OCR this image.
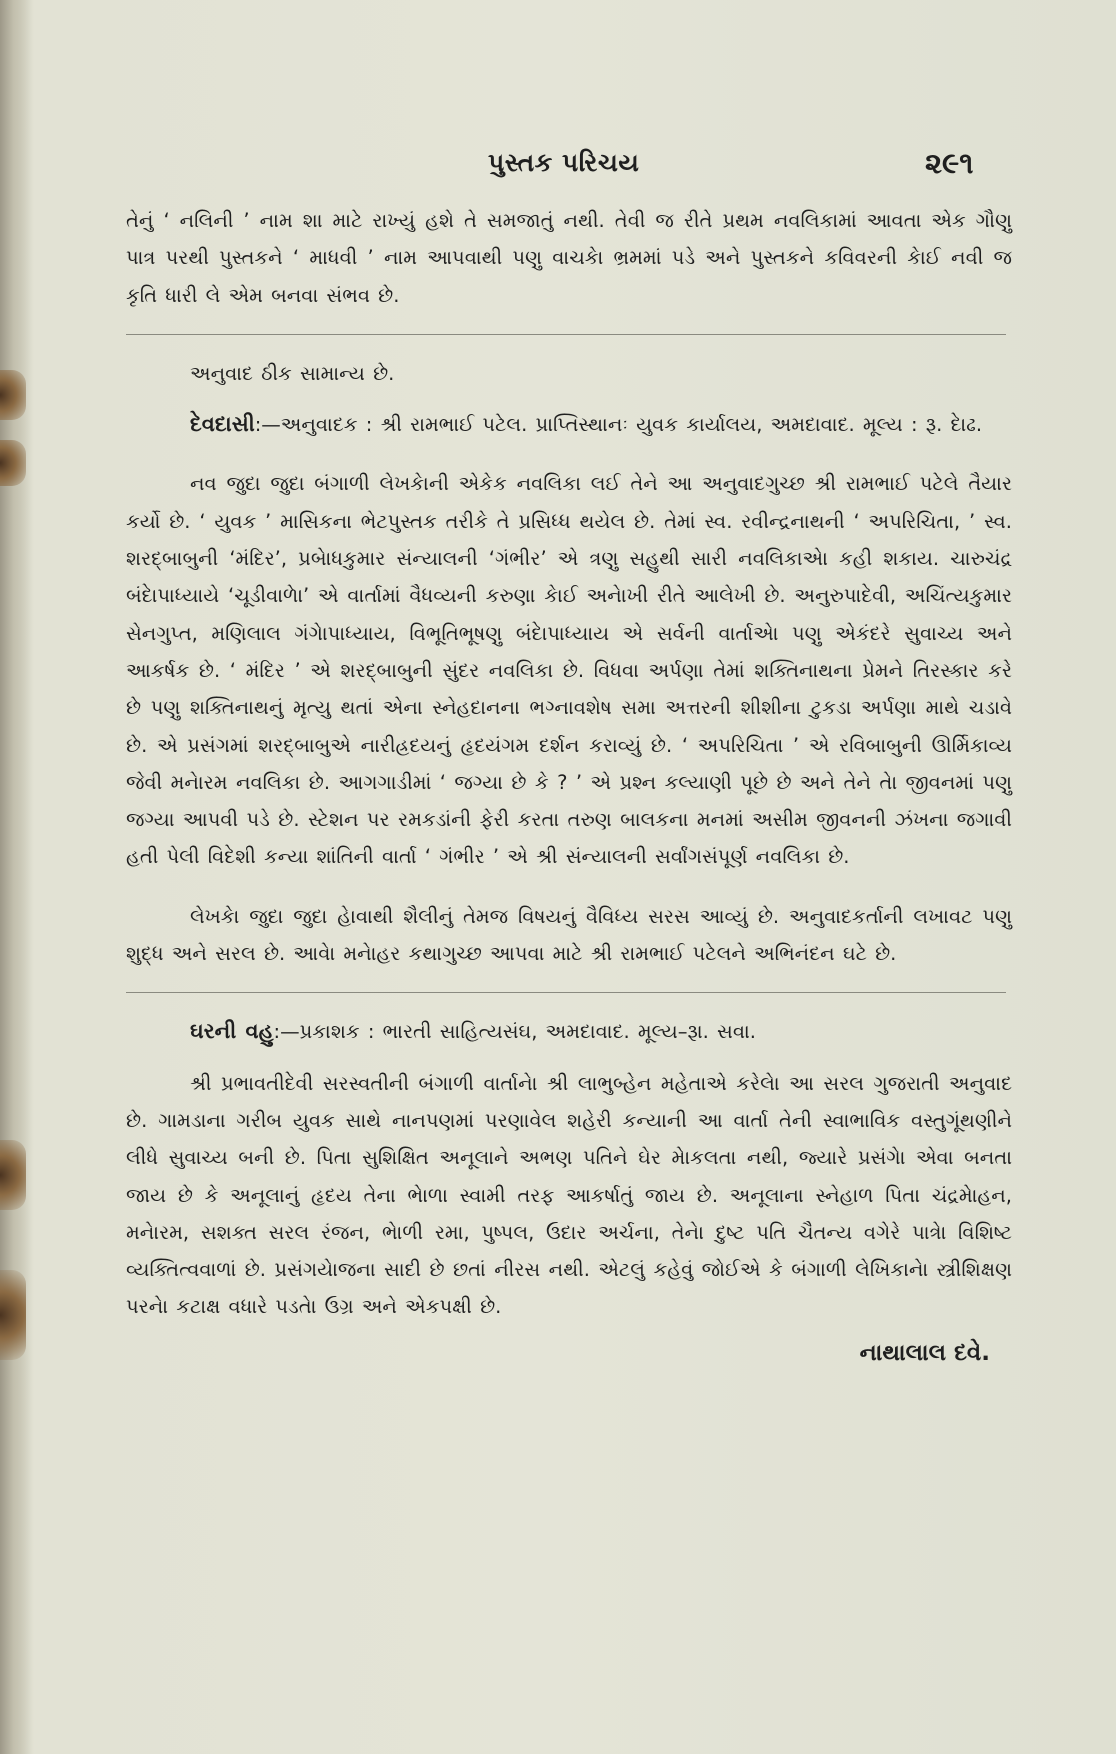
પુસ્તક પરિચય	૨૯૧

તેનું ‘ નલિની ’ નામ શા માટે રાખ્યું હશે તે સમજાતું નથી. તેવી જ રીતે પ્રથમ નવલિકામાં આવતા એક ગૌણુ પાત્ર પરથી પુસ્તકને ‘ માધવી ’ નામ આપવાથી પણુ વાચકેા ભ્રમમાં પડે અને પુસ્તકને કવિવરની કેાઈ નવી જ કૃતિ ધારી લે એમ બનવા સંભવ છે.

અનુવાદ ઠીક સામાન્ય છે.

દેવદાસી:—અનુવાદક : શ્રી રામભાઈ પટેલ. પ્રાપ્તિસ્થાનઃ યુવક કાર્યાલય, અમદાવાદ. મૂલ્ય : રૂ. દેાઢ.

નવ જુદા જુદા બંગાળી લેખકેાની એકેક નવલિકા લઈ તેને આ અનુવાદગુચ્છ શ્રી રામભાઈ પટેલે તૈયાર કર્યો છે. ‘ યુવક ’ માસિકના ભેટપુસ્તક તરીકે તે પ્રસિધ્ધ થયેલ છે. તેમાં સ્વ. રવીન્દ્રનાથની ‘ અપરિચિતા, ’ સ્વ. શરદ્બાબુની ‘મંદિર’, પ્રબેાધકુમાર સંન્યાલની ‘ગંભીર’ એ ત્રણુ સહુથી સારી નવલિકાએા કહી શકાય. ચારુચંદ્ર બંદેાપાધ્યાયે ‘ચૂડીવાળેા’ એ વાર્તામાં વૈધવ્યની કરુણા કેાઈ અનેાખી રીતે આલેખી છે. અનુરુપાદેવી, અચિંત્યકુમાર સેનગુપ્ત, મણિલાલ ગંગેાપાધ્યાય, વિભૂતિભૂષણુ બંદેાપાધ્યાય એ સર્વની વાર્તાએા પણુ એકંદરે સુવાચ્ય અને આકર્ષક છે. ‘ મંદિર ’ એ શરદ્બાબુની સુંદર નવલિકા છે. વિધવા અર્પણા તેમાં શક્તિનાથના પ્રેમને તિરસ્કાર કરે છે પણુ શક્તિનાથનું મૃત્યુ થતાં એના સ્નેહદાનના ભગ્નાવશેષ સમા અત્તરની શીશીના ટુકડા અર્પણા માથે ચડાવે છે. એ પ્રસંગમાં શરદ્બાબુએ નારીહ્રદયનું હૃદયંગમ દર્શન કરાવ્યું છે. ‘ અપરિચિતા ’ એ રવિબાબુની ઊર્મિકાવ્ય જેવી મનેારમ નવલિકા છે. આગગાડીમાં ‘ જગ્યા છે કે ? ’ એ પ્રશ્ન કલ્યાણી પૂછે છે અને તેને તેા જીવનમાં પણુ જગ્યા આપવી પડે છે. સ્ટેશન પર રમકડાંની ફેરી કરતા તરુણ બાલકના મનમાં અસીમ જીવનની ઝંખના જગાવી હતી પેલી વિદેશી કન્યા શાંતિની વાર્તા ‘ ગંભીર ’ એ શ્રી સંન્યાલની સર્વાંગસંપૂર્ણ નવલિકા છે.

લેખકેા જુદા જુદા હેાવાથી શૈલીનું તેમજ વિષયનું વૈવિધ્ય સરસ આવ્યું છે. અનુવાદકર્તાની લખાવટ પણુ શુદ્ધ અને સરલ છે. આવેા મનેાહર કથાગુચ્છ આપવા માટે શ્રી રામભાઈ પટેલને અભિનંદન ઘટે છે.

ઘરની વહુ:—પ્રકાશક : ભારતી સાહિત્યસંઘ, અમદાવાદ. મૂલ્ય–રૂા. સવા.

શ્રી પ્રભાવતીદેવી સરસ્વતીની બંગાળી વાર્તાનેા શ્રી લાભુબ્હેન મહેતાએ કરેલેા આ સરલ ગુજરાતી અનુવાદ છે. ગામડાના ગરીબ યુવક સાથે નાનપણમાં પરણાવેલ શહેરી કન્યાની આ વાર્તા તેની સ્વાભાવિક વસ્તુગૂંથણીને લીધે સુવાચ્ય બની છે. પિતા સુશિક્ષિત અનૂલાને અભણ પતિને ઘેર મેાકલતા નથી, જ્યારે પ્રસંગેા એવા બનતા જાય છે કે અનૂલાનું હૃદય તેના ભેાળા સ્વામી તરફ આકર્ષાતું જાય છે. અનૂલાના સ્નેહાળ પિતા ચંદ્રમેાહન, મનેારમ, સશક્ત સરલ રંજન, ભેાળી રમા, પુષ્પલ, ઉદાર અર્ચના, તેનેા દુષ્ટ પતિ ચૈતન્ય વગેરે પાત્રેા વિશિષ્ટ વ્યક્તિત્વવાળાં છે. પ્રસંગયેાજના સાદી છે છતાં નીરસ નથી. એટલું કહેવું જોઈએ કે બંગાળી લેખિકાનેા સ્ત્રીશિક્ષણ પરનેા કટાક્ષ વધારે પડતેા ઉગ્ર અને એકપક્ષી છે.

નાથાલાલ દવે.
